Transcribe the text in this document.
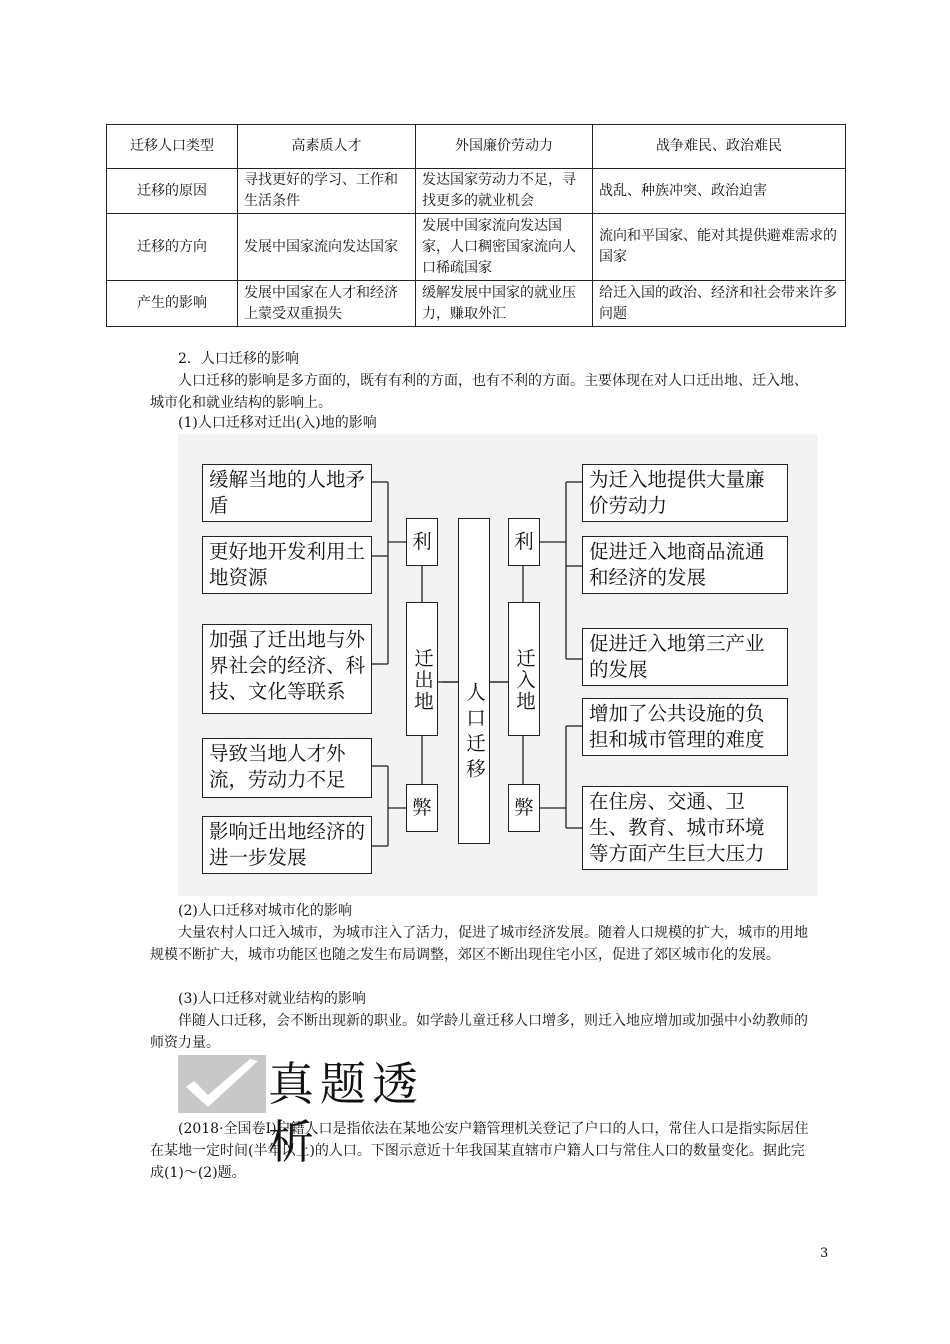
迁移人口类型	高素质人才	外国廉价劳动力	战争难民、政治难民
迁移的原因	寻找更好的学习、工作和生活条件	发达国家劳动力不足，寻找更多的就业机会	战乱、种族冲突、政治迫害
迁移的方向	发展中国家流向发达国家	发展中国家流向发达国家，人口稠密国家流向人口稀疏国家	流向和平国家、能对其提供避难需求的国家
产生的影响	发展中国家在人才和经济上蒙受双重损失	缓解发展中国家的就业压力，赚取外汇	给迁入国的政治、经济和社会带来许多问题
2．人口迁移的影响
人口迁移的影响是多方面的，既有有利的方面，也有不利的方面。主要体现在对人口迁出地、迁入地、城市化和就业结构的影响上。
(1)人口迁移对迁出(入)地的影响
缓解当地的人地矛盾
更好地开发利用土地资源
加强了迁出地与外界社会的经济、科技、文化等联系
导致当地人才外流，劳动力不足
影响迁出地经济的进一步发展
利
迁出地
弊
人口迁移
利
迁入地
弊
为迁入地提供大量廉价劳动力
促进迁入地商品流通和经济的发展
促进迁入地第三产业的发展
增加了公共设施的负担和城市管理的难度
在住房、交通、卫生、教育、城市环境等方面产生巨大压力
(2)人口迁移对城市化的影响
大量农村人口迁入城市，为城市注入了活力，促进了城市经济发展。随着人口规模的扩大，城市的用地规模不断扩大，城市功能区也随之发生布局调整，郊区不断出现住宅小区，促进了郊区城市化的发展。
(3)人口迁移对就业结构的影响
伴随人口迁移，会不断出现新的职业。如学龄儿童迁移人口增多，则迁入地应增加或加强中小幼教师的师资力量。
真题透析
(2018·全国卷Ⅰ)户籍人口是指依法在某地公安户籍管理机关登记了户口的人口，常住人口是指实际居住在某地一定时间(半年以上)的人口。下图示意近十年我国某直辖市户籍人口与常住人口的数量变化。据此完成(1)～(2)题。
3
